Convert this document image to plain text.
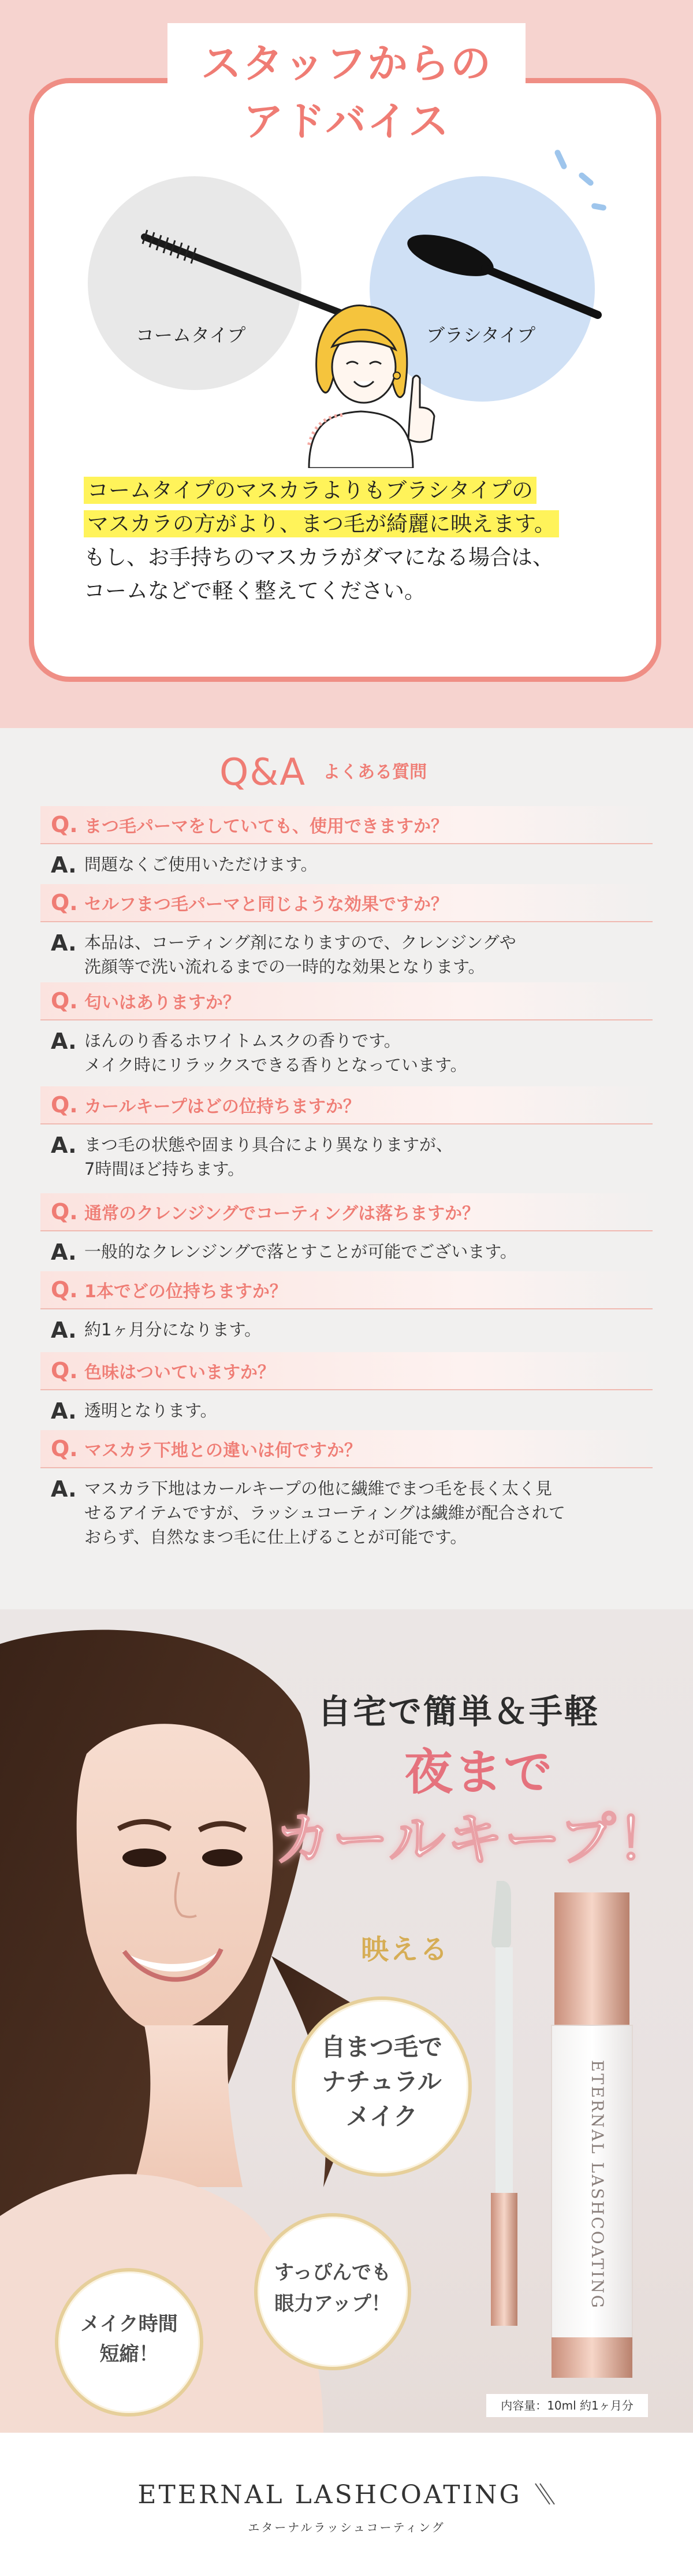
スタッフからの
アドバイス
コームタイプ	ブラシタイプ
コームタイプのマスカラよりもブラシタイプの
マスカラの方がより、まつ毛が綺麗に映えます。
もし、お手持ちのマスカラがダマになる場合は、
コームなどで軽く整えてください。
Q&A よくある質問
Q. まつ毛パーマをしていても、使用できますか？
A. 問題なくご使用いただけます。
Q. セルフまつ毛パーマと同じような効果ですか？
A. 本品は、コーティング剤になりますので、クレンジングや
洗顔等で洗い流れるまでの一時的な効果となります。
Q. 匂いはありますか？
A. ほんのり香るホワイトムスクの香りです。
メイク時にリラックスできる香りとなっています。
Q. カールキープはどの位持ちますか？
A. まつ毛の状態や固まり具合により異なりますが、
7時間ほど持ちます。
Q. 通常のクレンジングでコーティングは落ちますか？
A. 一般的なクレンジングで落とすことが可能でございます。
Q. 1本でどの位持ちますか？
A. 約1ヶ月分になります。
Q. 色味はついていますか？
A. 透明となります。
Q. マスカラ下地との違いは何ですか？
A. マスカラ下地はカールキープの他に繊維でまつ毛を長く太く見
せるアイテムですが、ラッシュコーティングは繊維が配合されて
おらず、自然なまつ毛に仕上げることが可能です。
自宅で簡単＆手軽
夜まで
カールキープ！
映える
ETERNAL LASHCOATING
自まつ毛で
ナチュラル
メイク
すっぴんでも
眼力アップ！
メイク時間
短縮！
内容量：10ml 約1ヶ月分
ETERNAL LASHCOATING
エターナルラッシュコーティング
